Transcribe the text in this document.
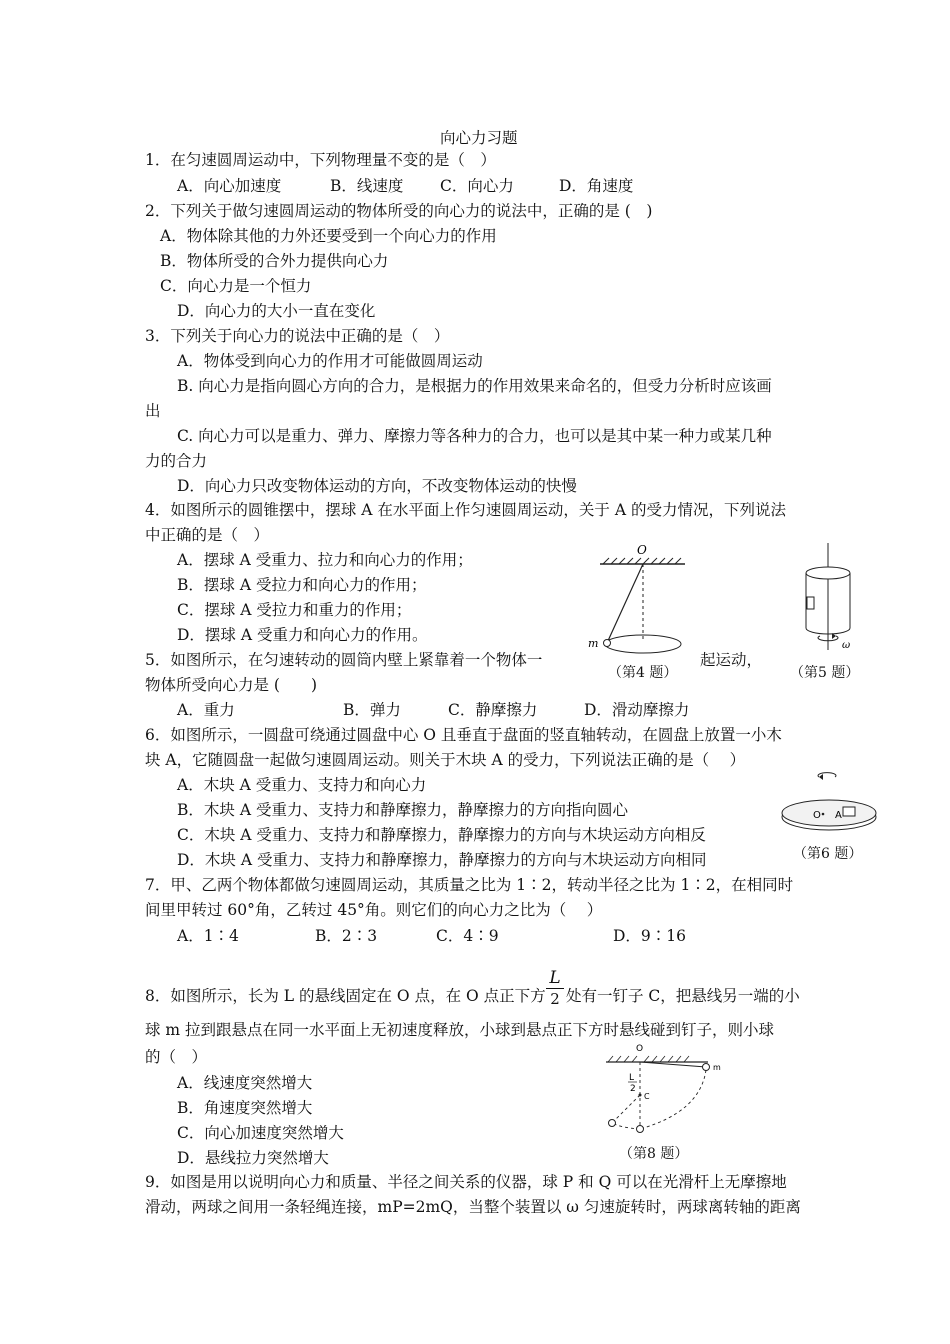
向心力习题
1．在匀速圆周运动中，下列物理量不变的是（　）
A．向心加速度	B．线速度 C．向心力	D．角速度
2．下列关于做匀速圆周运动的物体所受的向心力的说法中，正确的是 (　)
A．物体除其他的力外还要受到一个向心力的作用
B．物体所受的合外力提供向心力
C．向心力是一个恒力
D．向心力的大小一直在变化
3．下列关于向心力的说法中正确的是（　）
A．物体受到向心力的作用才可能做圆周运动
B. 向心力是指向圆心方向的合力，是根据力的作用效果来命名的，但受力分析时应该画
出
C. 向心力可以是重力、弹力、摩擦力等各种力的合力，也可以是其中某一种力或某几种
力的合力
D．向心力只改变物体运动的方向，不改变物体运动的快慢
4．如图所示的圆锥摆中，摆球 A 在水平面上作匀速圆周运动，关于 A 的受力情况，下列说法
中正确的是（　）
A．摆球 A 受重力、拉力和向心力的作用；
B．摆球 A 受拉力和向心力的作用；
C．摆球 A 受拉力和重力的作用；
D．摆球 A 受重力和向心力的作用。
O
m
（第4 题）
ω
（第5 题）
5．如图所示，在匀速转动的圆筒内壁上紧靠着一个物体一	起运动，
物体所受向心力是 (　　)
A．重力	B．弹力	C．静摩擦力	D．滑动摩擦力
6．如图所示，一圆盘可绕通过圆盘中心 O 且垂直于盘面的竖直轴转动，在圆盘上放置一小木
块 A，它随圆盘一起做匀速圆周运动。则关于木块 A 的受力，下列说法正确的是（　 ）
A．木块 A 受重力、支持力和向心力
B．木块 A 受重力、支持力和静摩擦力，静摩擦力的方向指向圆心
C．木块 A 受重力、支持力和静摩擦力，静摩擦力的方向与木块运动方向相反
D．木块 A 受重力、支持力和静摩擦力，静摩擦力的方向与木块运动方向相同
O A
（第6 题）
7．甲、乙两个物体都做匀速圆周运动，其质量之比为 1∶2，转动半径之比为 1∶2，在相同时
间里甲转过 60°角，乙转过 45°角。则它们的向心力之比为（　 ）
A．1∶4	B．2∶3	C．4∶9	D．9∶16
8．如图所示，长为 L 的悬线固定在 O 点，在 O 点正下方 $\frac{L}{2}$ 处有一钉子 C，把悬线另一端的小
球 m 拉到跟悬点在同一水平面上无初速度释放，小球到悬点正下方时悬线碰到钉子，则小球
的（　）
A．线速度突然增大
B．角速度突然增大
C．向心加速度突然增大
D．悬线拉力突然增大
O
m
L
2
C
（第8 题）
9．如图是用以说明向心力和质量、半径之间关系的仪器，球 P 和 Q 可以在光滑杆上无摩擦地
滑动，两球之间用一条轻绳连接，mP=2mQ，当整个装置以 ω 匀速旋转时，两球离转轴的距离
